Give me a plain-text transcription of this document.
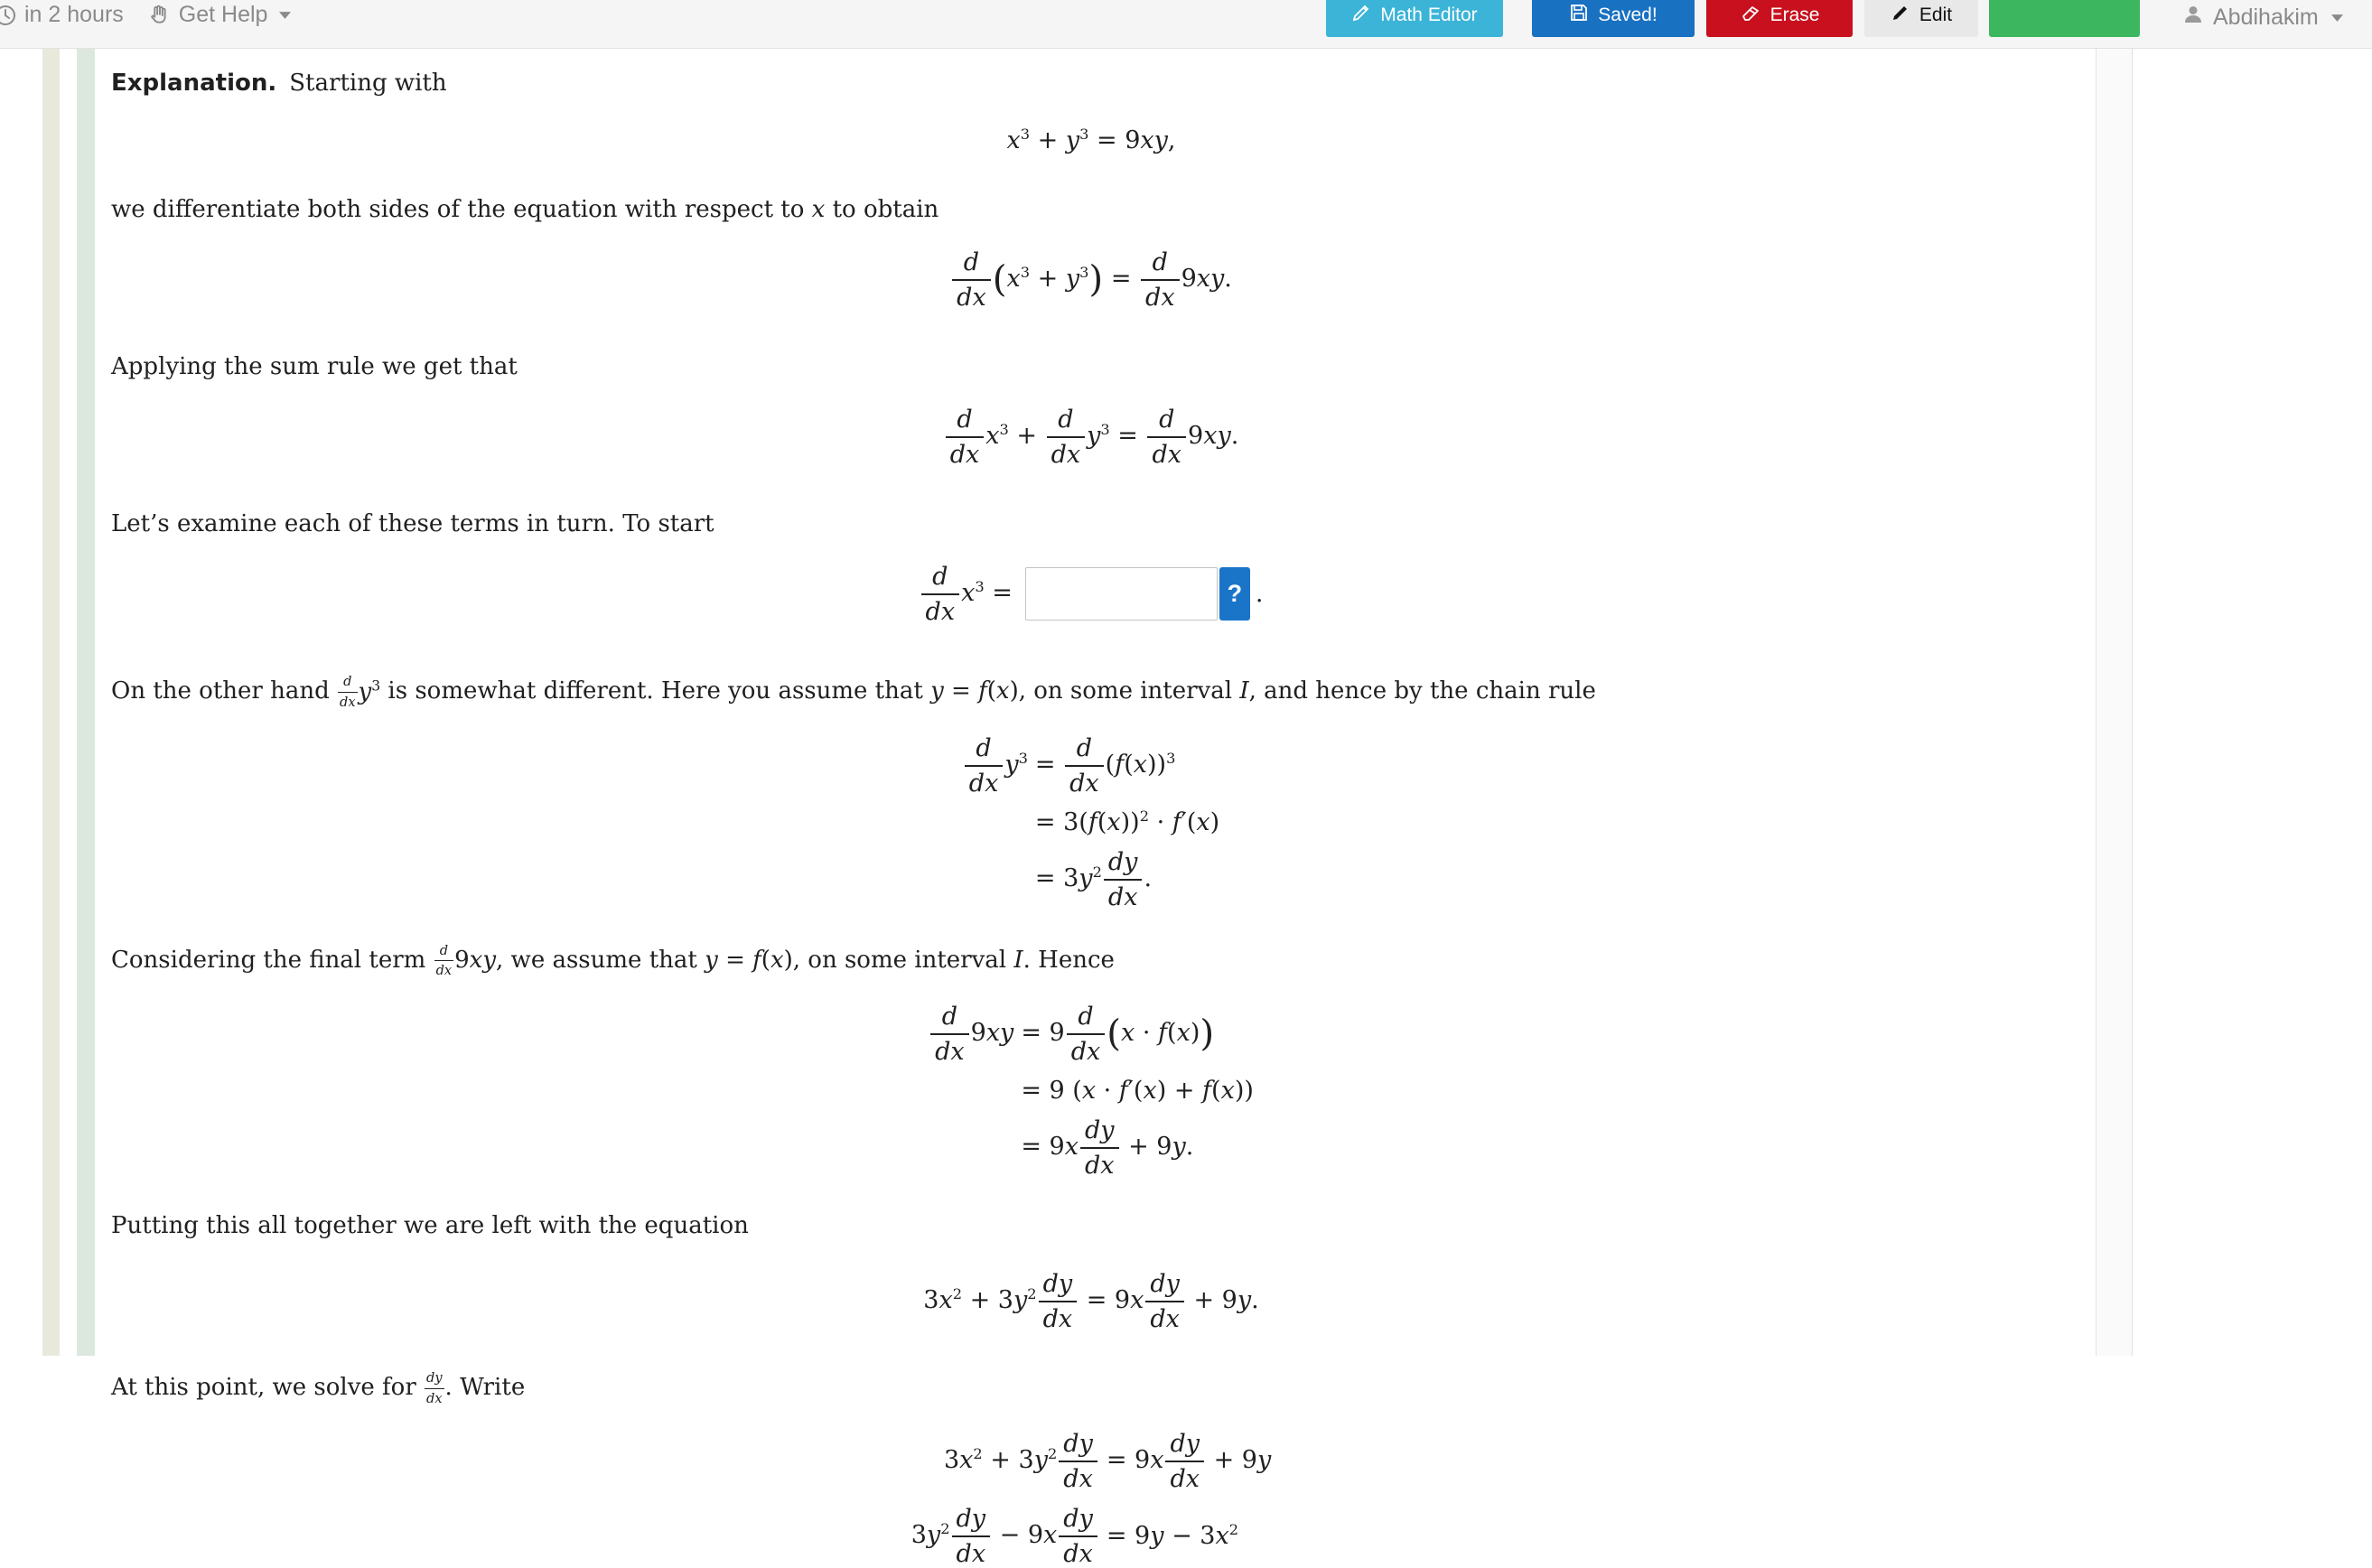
in 2 hours Get Help	Math Editor	Saved!	Erase	Edit	Abdihakim

Explanation. Starting with

$x^3 + y^3 = 9xy$,

we differentiate both sides of the equation with respect to x to obtain

$\frac{d}{dx} (x^3 + y^3) = \frac{d}{dx} 9xy$.

Applying the sum rule we get that

$\frac{d}{dx} x^3 + \frac{d}{dx} y^3 = \frac{d}{dx} 9xy$.

Let’s examine each of these terms in turn. To start

$\frac{d}{dx} x^3$ =	? .

On the other hand $\frac{d}{dx} y^3$ is somewhat different. Here you assume that y = f(x), on some interval I, and hence by the chain rule

$\frac{d}{dx} y^3 = \frac{d}{dx} (f(x))^3$
= $3(f(x))^2 \cdot f'(x)$
= $3y^2 \frac{dy}{dx}$ .

Considering the final term $\frac{d}{dx} 9xy$, we assume that y = f(x), on some interval I. Hence

$\frac{d}{dx} 9xy = 9 \frac{d}{dx} (x \cdot f(x))$
= 9 (x · f′(x) + f(x))
= $9x \frac{dy}{dx} + 9y$.

Putting this all together we are left with the equation

$3x^2 + 3y^2 \frac{dy}{dx} = 9x \frac{dy}{dx} + 9y$.

At this point, we solve for $\frac{dy}{dx}$ . Write

$3x^2 + 3y^2 \frac{dy}{dx} = 9x \frac{dy}{dx} + 9y$
$3y^2 \frac{dy}{dx} - 9x \frac{dy}{dx} = 9y - 3x^2$
